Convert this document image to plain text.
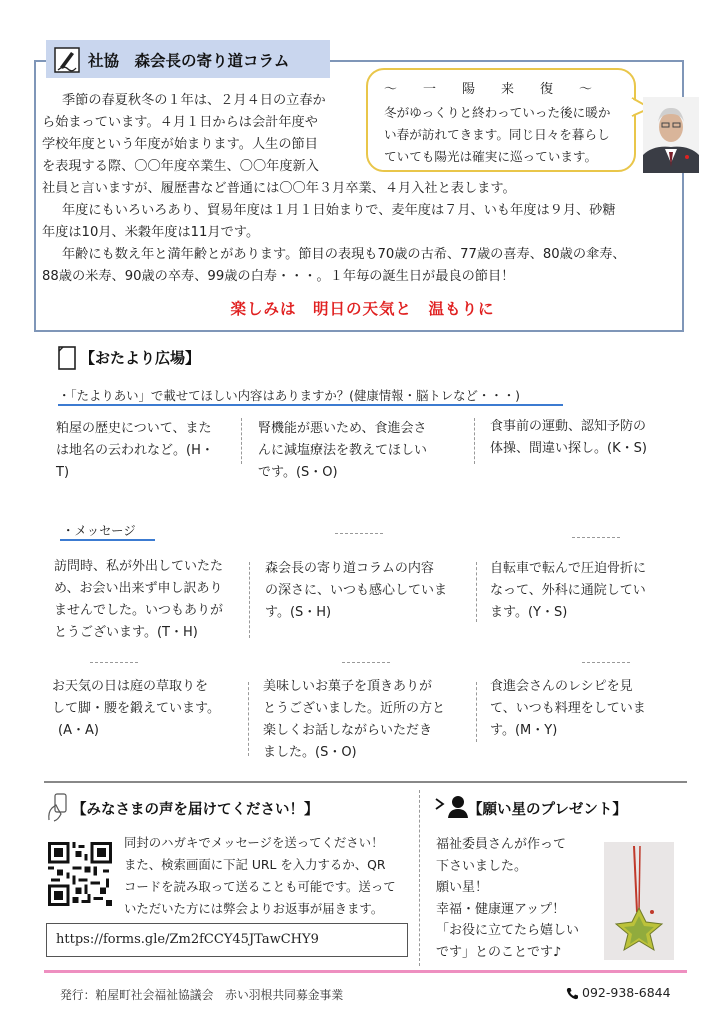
社協　森会長の寄り道コラム
～　　一　　陽　　来　　復　　～
冬がゆっくりと終わっていった後に暖か
い春が訪れてきます。同じ日々を暮らし
ていても陽光は確実に巡っています。

季節の春夏秋冬の１年は、２月４日の立春か

ら始まっています。４月１日からは会計年度や

学校年度という年度が始まります。人生の節目

を表現する際、〇〇年度卒業生、〇〇年度新入

社員と言いますが、履歴書など普通には〇〇年３月卒業、４月入社と表します。

年度にもいろいろあり、貿易年度は１月１日始まりで、麦年度は７月、いも年度は９月、砂糖

年度は10月、米穀年度は11月です。

年齢にも数え年と満年齢とがあります。節目の表現も70歳の古希、77歳の喜寿、80歳の傘寿、

88歳の米寿、90歳の卒寿、99歳の白寿・・・。１年毎の誕生日が最良の節目！

楽しみは　明日の天気と　温もりに
【おたより広場】
・「たよりあい」で載せてほしい内容はありますか？(健康情報・脳トレなど・・・)

粕屋の歴史について、また

は地名の云われなど。(H・

T)

腎機能が悪いため、食進会さ

んに減塩療法を教えてほしい

です。(S・O)

食事前の運動、認知予防の

体操、間違い探し。(K・S)

・メッセージ

訪問時、私が外出していたた

め、お会い出来ず申し訳あり

ませんでした。いつもありが

とうございます。(T・H)

森会長の寄り道コラムの内容

の深さに、いつも感心していま

す。(S・H)

自転車で転んで圧迫骨折に

なって、外科に通院してい

ます。(Y・S)

お天気の日は庭の草取りを

して脚・腰を鍛えています。

(A・A)

美味しいお菓子を頂きありが

とうございました。近所の方と

楽しくお話しながらいただき

ました。(S・O)

食進会さんのレシピを見

て、いつも料理をしていま

す。(M・Y)

【みなさまの声を届けてください！】

同封のハガキでメッセージを送ってください！

また、検索画面に下記 URL を入力するか、QR

コードを読み取って送ることも可能です。送って

いただいた方には弊会よりお返事が届きます。

https://forms.gle/Zm2fCCY45JTawCHY9
【願い星のプレゼント】

福祉委員さんが作って

下さいました。

願い星！

幸福・健康運アップ！

「お役に立てたら嬉しい

です」とのことです♪

発行：粕屋町社会福祉協議会　赤い羽根共同募金事業	092-938-6844
